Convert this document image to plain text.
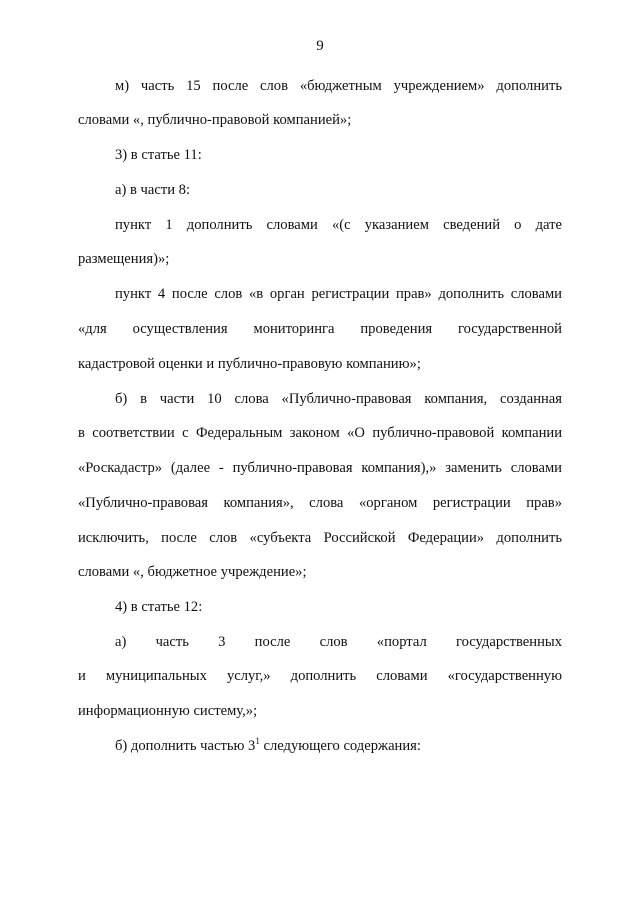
9
м) часть 15 после слов «бюджетным учреждением» дополнить
словами «, публично-правовой компанией»;
3) в статье 11:
а) в части 8:
пункт 1 дополнить словами «(с указанием сведений о дате
размещения)»;
пункт 4 после слов «в орган регистрации прав» дополнить словами
«для осуществления мониторинга проведения государственной
кадастровой оценки и публично-правовую компанию»;
б) в части 10 слова «Публично-правовая компания, созданная
в соответствии с Федеральным законом «О публично-правовой компании
«Роскадастр» (далее - публично-правовая компания),» заменить словами
«Публично-правовая компания», слова «органом регистрации прав»
исключить, после слов «субъекта Российской Федерации» дополнить
словами «, бюджетное учреждение»;
4) в статье 12:
а) часть 3 после слов «портал государственных
и муниципальных услуг,» дополнить словами «государственную
информационную систему,»;
б) дополнить частью $3^1$ следующего содержания:
